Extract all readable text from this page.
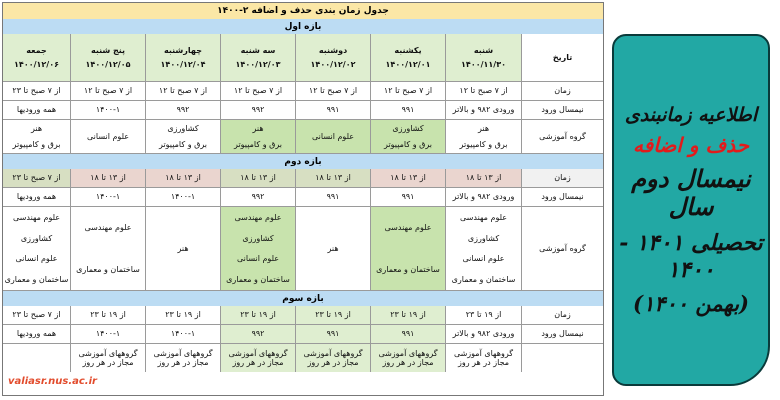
جدول زمان بندی حذف و اضافه ۲-۱۴۰۰
بازه اول
تاریخ
شنبه
۱۴۰۰/۱۱/۳۰
یکشنبه
۱۴۰۰/۱۲/۰۱
دوشنبه
۱۴۰۰/۱۲/۰۲
سه شنبه
۱۴۰۰/۱۲/۰۳
چهارشنبه
۱۴۰۰/۱۲/۰۴
پنج شنبه
۱۴۰۰/۱۲/۰۵
جمعه
۱۴۰۰/۱۲/۰۶
زمان
از ۷ صبح تا ۱۲
از ۷ صبح تا ۱۲
از ۷ صبح تا ۱۲
از ۷ صبح تا ۱۲
از ۷ صبح تا ۱۲
از ۷ صبح تا ۱۲
از ۷ صبح تا ۲۳
نیمسال ورود
ورودی ۹۸۲ و بالاتر
۹۹۱
۹۹۱
۹۹۲
۹۹۲
۱۴۰۰-۱
همه ورودیها
گروه آموزشی
هنر
برق و کامپیوتر
کشاورزی
برق و کامپیوتر
علوم انسانی
هنر
برق و کامپیوتر
کشاورزی
برق و کامپیوتر
علوم انسانی
هنر
برق و کامپیوتر
بازه دوم
زمان
از ۱۳ تا ۱۸
از ۱۳ تا ۱۸
از ۱۳ تا ۱۸
از ۱۳ تا ۱۸
از ۱۳ تا ۱۸
از ۱۳ تا ۱۸
از ۷ صبح تا ۲۳
نیمسال ورود
ورودی ۹۸۲ و بالاتر
۹۹۱
۹۹۱
۹۹۲
۱۴۰۰-۱
۱۴۰۰-۱
همه ورودیها
گروه آموزشی
علوم مهندسی
کشاورزی
علوم انسانی
ساختمان و معماری
علوم مهندسی
ساختمان و معماری
هنر
علوم مهندسی
کشاورزی
علوم انسانی
ساختمان و معماری
هنر
علوم مهندسی
ساختمان و معماری
علوم مهندسی
کشاورزی
علوم انسانی
ساختمان و معماری
بازه سوم
زمان
از ۱۹ تا ۲۳
از ۱۹ تا ۲۳
از ۱۹ تا ۲۳
از ۱۹ تا ۲۳
از ۱۹ تا ۲۳
از ۱۹ تا ۲۳
از ۷ صبح تا ۲۳
نیمسال ورود
ورودی ۹۸۲ و بالاتر
۹۹۱
۹۹۱
۹۹۲
۱۴۰۰-۱
۱۴۰۰-۱
همه ورودیها
گروههای آموزشی مجاز در هر روز
گروههای آموزشی مجاز در هر روز
گروههای آموزشی مجاز در هر روز
گروههای آموزشی مجاز در هر روز
گروههای آموزشی مجاز در هر روز
گروههای آموزشی مجاز در هر روز
اطلاعیه زمانبندی
حذف و اضافه
نیمسال دوم سال
تحصیلی ۱۴۰۱ - ۱۴۰۰
(بهمن ۱۴۰۰)
valiasr.nus.ac.ir
